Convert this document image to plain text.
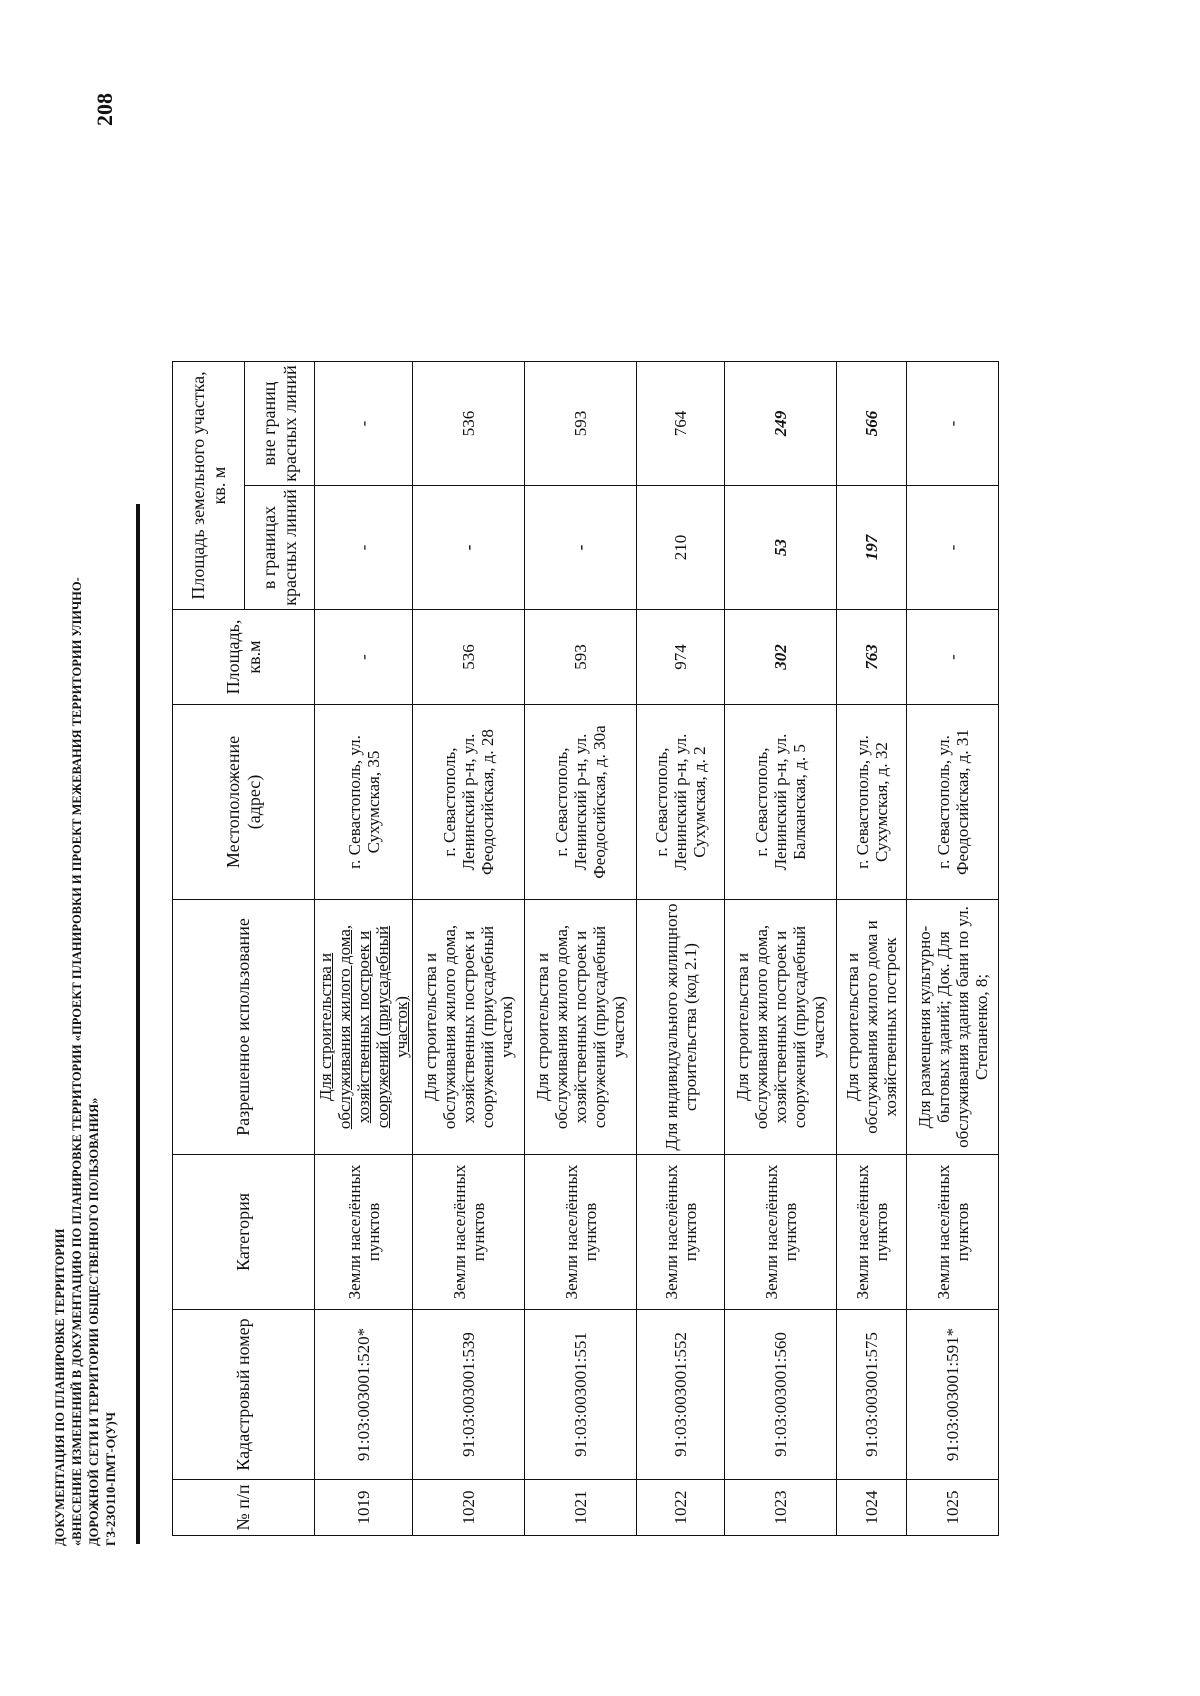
208
ДОКУМЕНТАЦИЯ ПО ПЛАНИРОВКЕ ТЕРРИТОРИИ «ВНЕСЕНИЕ ИЗМЕНЕНИЙ В ДОКУМЕНТАЦИЮ ПО ПЛАНИРОВКЕ ТЕРРИТОРИИ «ПРОЕКТ ПЛАНИРОВКИ И ПРОЕКТ МЕЖЕВАНИЯ ТЕРРИТОРИИ УЛИЧНО- ДОРОЖНОЙ СЕТИ И ТЕРРИТОРИИ ОБЩЕСТВЕННОГО ПОЛЬЗОВАНИЯ» ГЗ-23О110-ПМТ-О(У)Ч	№ п/п	Кадастровый номер	Категория	Разрешенное использование	Местоположение (адрес)	Площадь, кв.м	Площадь земельного участка, кв. м	
						в границах красных линий	вне границ красных линий
1019	91:03:003001:520*	Земли населённых пунктов	Для строительства и обслуживания жилого дома, хозяйственных построек и сооружений (приусадебный участок)	г. Севастополь, ул. Сухумская, 35	-	-	-
1020	91:03:003001:539	Земли населённых пунктов	Для строительства и обслуживания жилого дома, хозяйственных построек и сооружений (приусадебный участок)	г. Севастополь, Ленинский р-н, ул. Феодосийская, д. 28	536	-	536
1021	91:03:003001:551	Земли населённых пунктов	Для строительства и обслуживания жилого дома, хозяйственных построек и сооружений (приусадебный участок)	г. Севастополь, Ленинский р-н, ул. Феодосийская, д. 30а	593	-	593
1022	91:03:003001:552	Земли населённых пунктов	Для индивидуального жилищного строительства (код 2.1)	г. Севастополь, Ленинский р-н, ул. Сухумская, д. 2	974	210	764
1023	91:03:003001:560	Земли населённых пунктов	Для строительства и обслуживания жилого дома, хозяйственных построек и сооружений (приусадебный участок)	г. Севастополь, Ленинский р-н, ул. Балканская, д. 5	302	53	249
1024	91:03:003001:575	Земли населённых пунктов	Для строительства и обслуживания жилого дома и хозяйственных построек	г. Севастополь, ул. Сухумская, д. 32	763	197	566
1025	91:03:003001:591*	Земли населённых пунктов	Для размещения культурно-бытовых зданий; Док. Для обслуживания здания бани по ул. Степаненко, 8;	г. Севастополь, ул. Феодосийская, д. 31	-	-	-
